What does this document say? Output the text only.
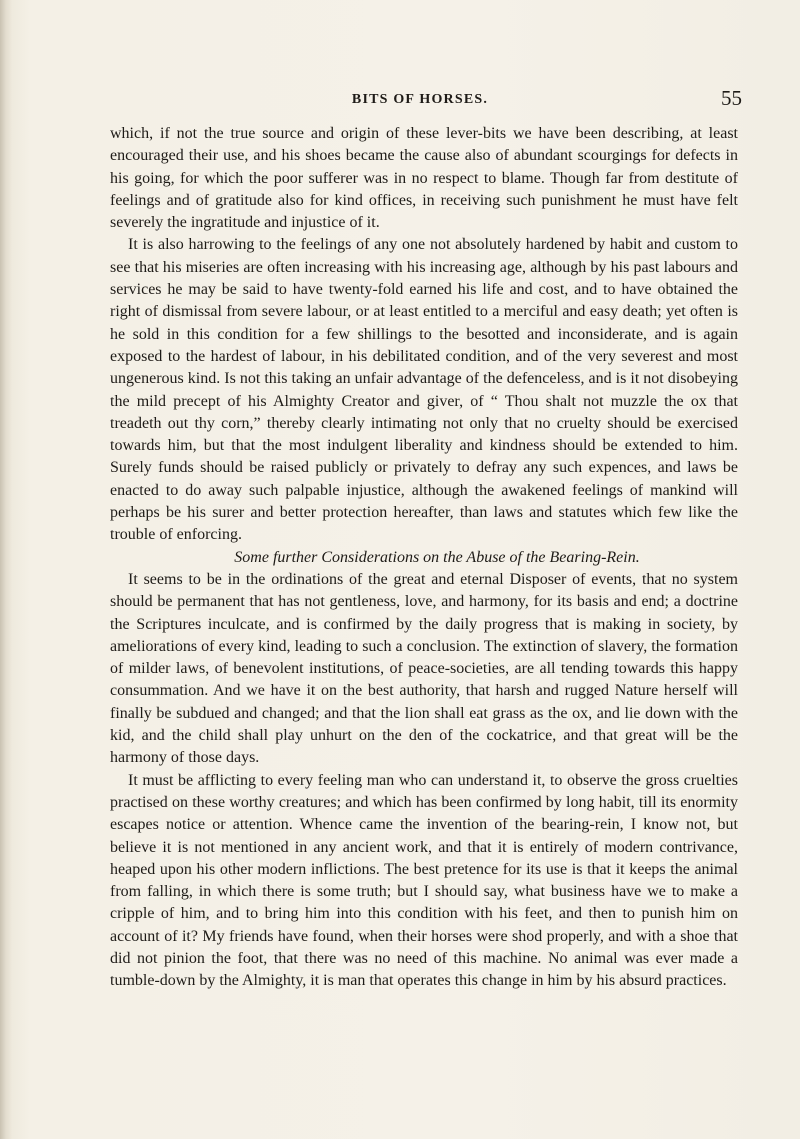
BITS OF HORSES.	55

which, if not the true source and origin of these lever-bits we have been describing, at least encouraged their use, and his shoes became the cause also of abundant scourgings for defects in his going, for which the poor sufferer was in no respect to blame. Though far from destitute of feelings and of gratitude also for kind offices, in receiving such punishment he must have felt severely the ingratitude and injustice of it.

It is also harrowing to the feelings of any one not absolutely hardened by habit and custom to see that his miseries are often increasing with his increasing age, although by his past labours and services he may be said to have twenty-fold earned his life and cost, and to have obtained the right of dismissal from severe labour, or at least entitled to a merciful and easy death; yet often is he sold in this condition for a few shillings to the besotted and inconsiderate, and is again exposed to the hardest of labour, in his debilitated condition, and of the very severest and most ungenerous kind. Is not this taking an unfair advantage of the defenceless, and is it not disobeying the mild precept of his Almighty Creator and giver, of “ Thou shalt not muzzle the ox that treadeth out thy corn,” thereby clearly intimating not only that no cruelty should be exercised towards him, but that the most indulgent liberality and kindness should be extended to him. Surely funds should be raised publicly or privately to defray any such expences, and laws be enacted to do away such palpable injustice, although the awakened feelings of mankind will perhaps be his surer and better protection hereafter, than laws and statutes which few like the trouble of enforcing.

Some further Considerations on the Abuse of the Bearing-Rein.

It seems to be in the ordinations of the great and eternal Disposer of events, that no system should be permanent that has not gentleness, love, and harmony, for its basis and end; a doctrine the Scriptures inculcate, and is confirmed by the daily progress that is making in society, by ameliorations of every kind, leading to such a conclusion. The extinction of slavery, the formation of milder laws, of benevolent institutions, of peace-societies, are all tending towards this happy consummation. And we have it on the best authority, that harsh and rugged Nature herself will finally be subdued and changed; and that the lion shall eat grass as the ox, and lie down with the kid, and the child shall play unhurt on the den of the cockatrice, and that great will be the harmony of those days.

It must be afflicting to every feeling man who can understand it, to observe the gross cruelties practised on these worthy creatures; and which has been confirmed by long habit, till its enormity escapes notice or attention. Whence came the invention of the bearing-rein, I know not, but believe it is not mentioned in any ancient work, and that it is entirely of modern contrivance, heaped upon his other modern inflictions. The best pretence for its use is that it keeps the animal from falling, in which there is some truth; but I should say, what business have we to make a cripple of him, and to bring him into this condition with his feet, and then to punish him on account of it? My friends have found, when their horses were shod properly, and with a shoe that did not pinion the foot, that there was no need of this machine. No animal was ever made a tumble-down by the Almighty, it is man that operates this change in him by his absurd practices.
